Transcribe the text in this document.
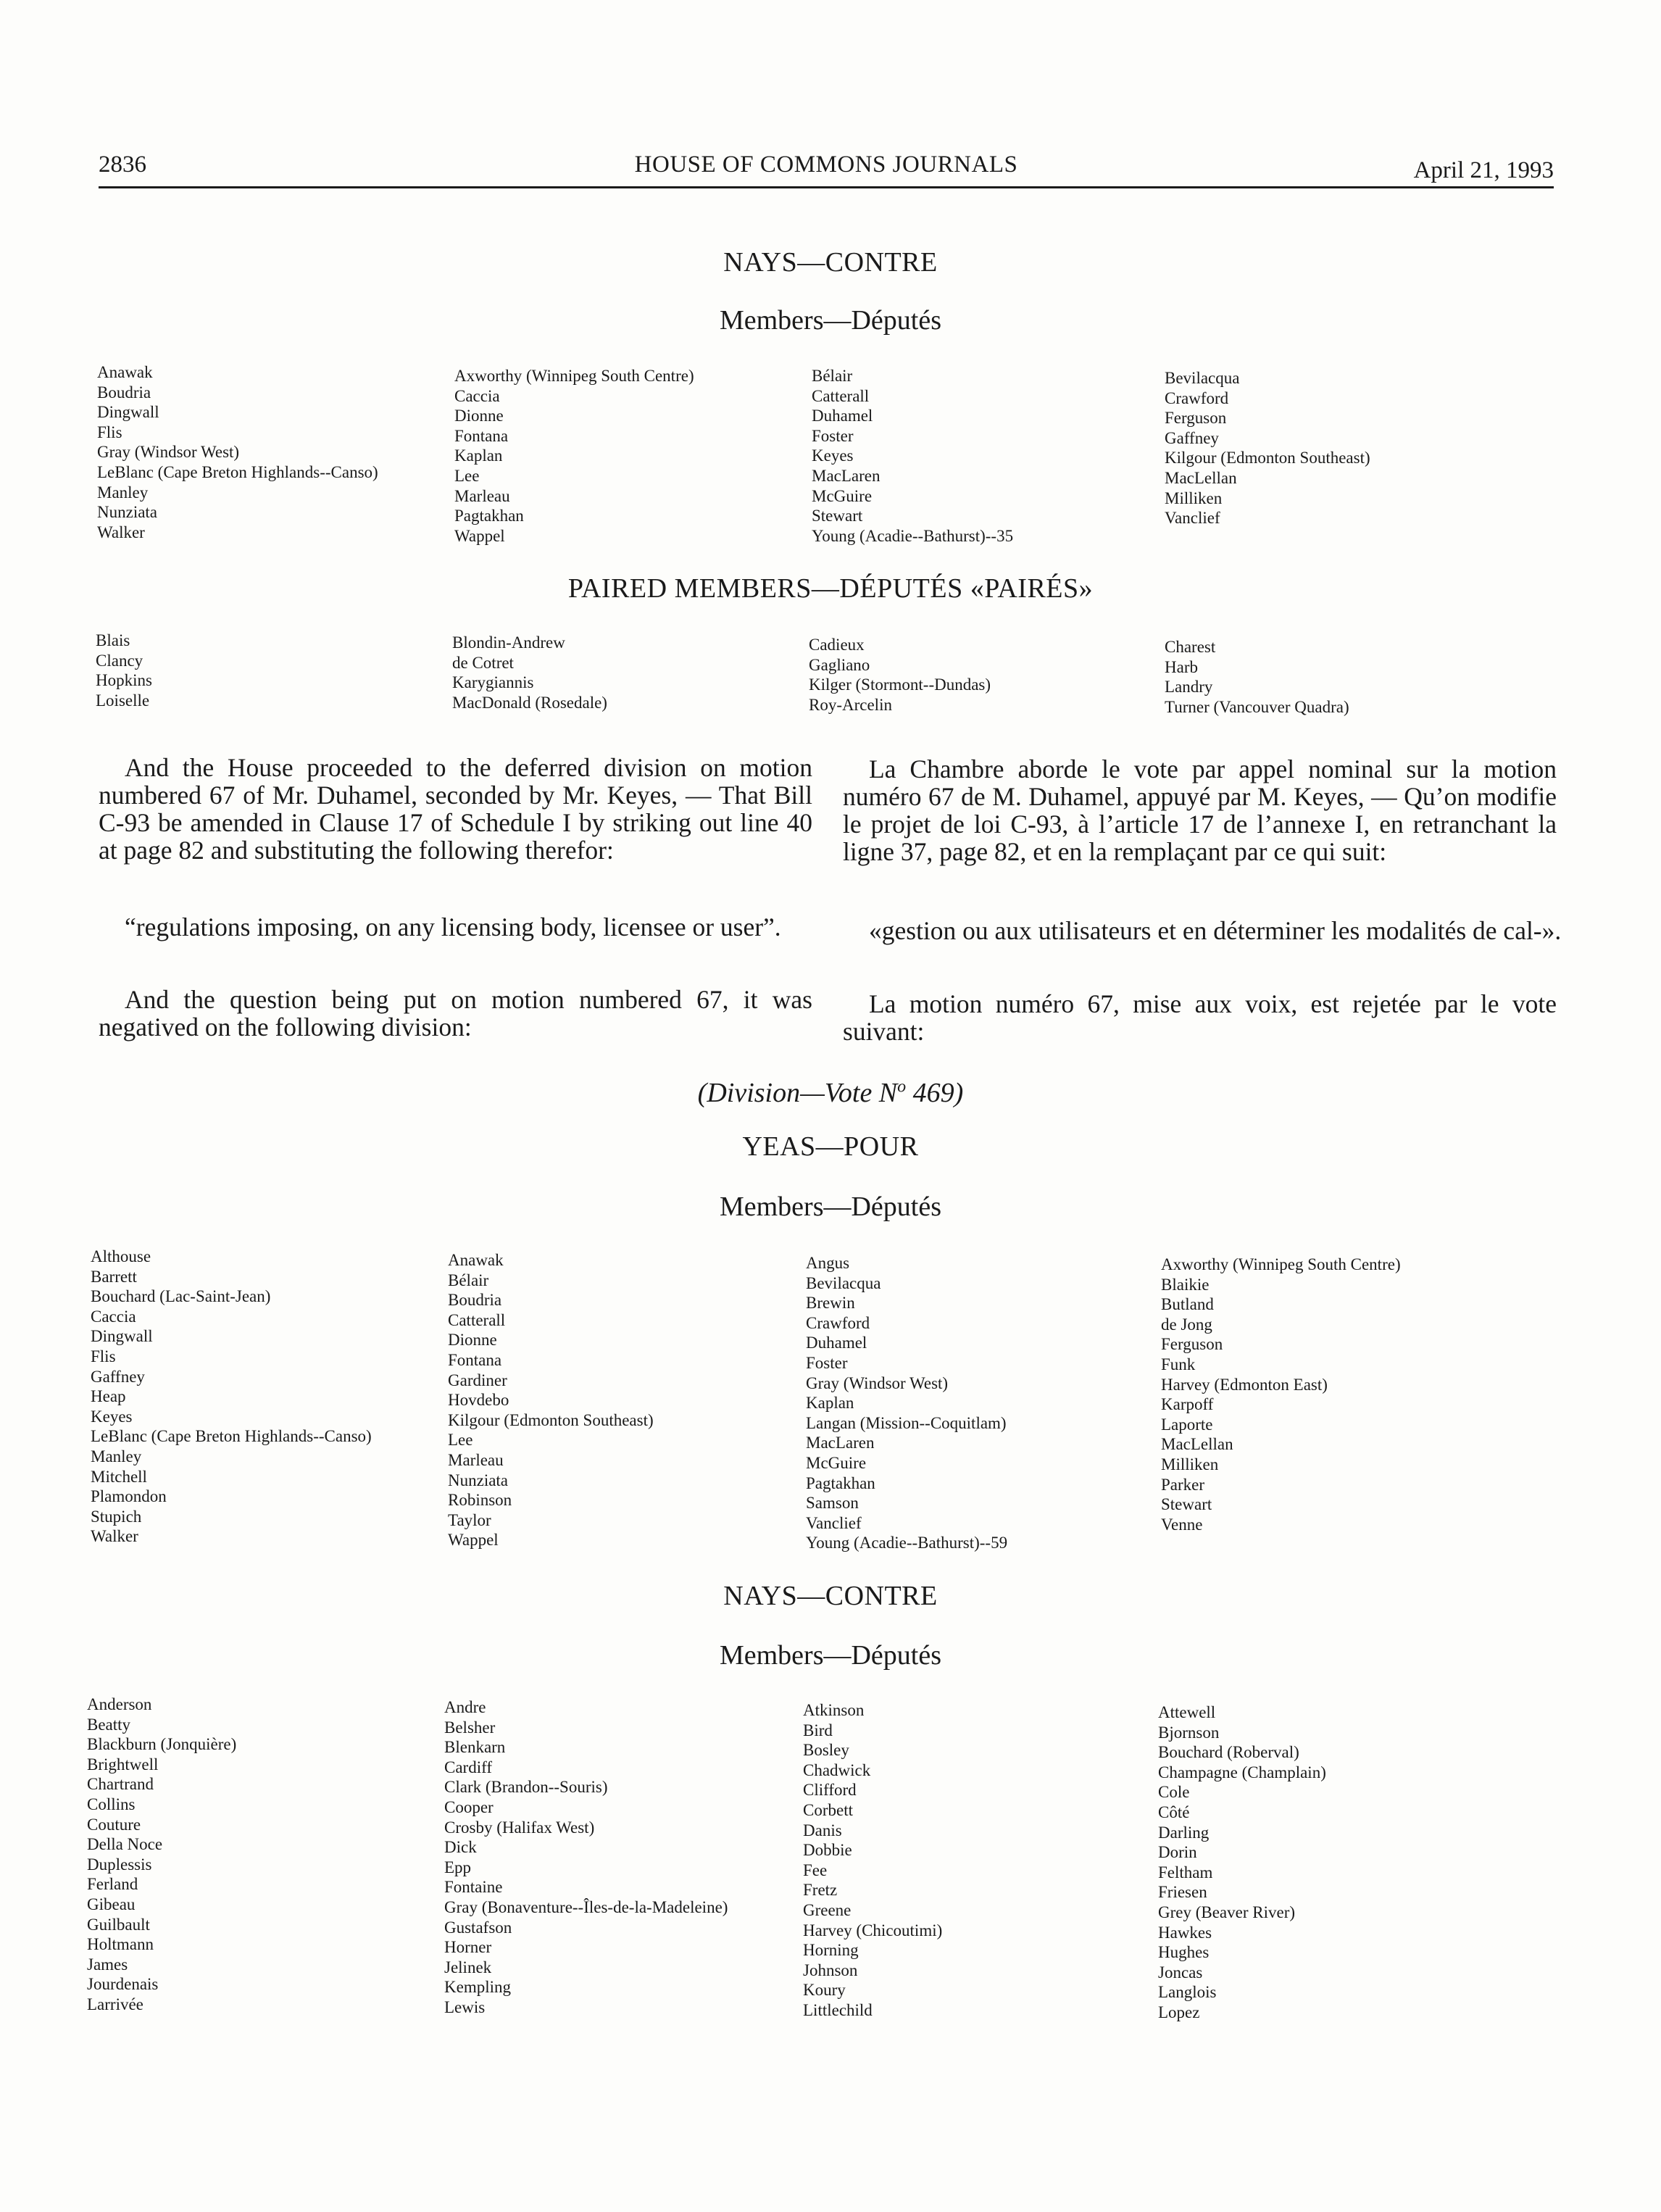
2836	HOUSE OF COMMONS JOURNALS	April 21, 1993
NAYS—CONTRE
Members—Députés
Anawak
Boudria
Dingwall
Flis
Gray (Windsor West)
LeBlanc (Cape Breton Highlands--Canso)
Manley
Nunziata
Walker
Axworthy (Winnipeg South Centre)
Caccia
Dionne
Fontana
Kaplan
Lee
Marleau
Pagtakhan
Wappel
Bélair
Catterall
Duhamel
Foster
Keyes
MacLaren
McGuire
Stewart
Young (Acadie--Bathurst)--35
Bevilacqua
Crawford
Ferguson
Gaffney
Kilgour (Edmonton Southeast)
MacLellan
Milliken
Vanclief
PAIRED MEMBERS—DÉPUTÉS «PAIRÉS»
Blais
Clancy
Hopkins
Loiselle
Blondin-Andrew
de Cotret
Karygiannis
MacDonald (Rosedale)
Cadieux
Gagliano
Kilger (Stormont--Dundas)
Roy-Arcelin
Charest
Harb
Landry
Turner (Vancouver Quadra)

And the House proceeded to the deferred division on motion numbered 67 of Mr. Duhamel, seconded by Mr. Keyes, — That Bill C-93 be amended in Clause 17 of Schedule I by striking out line 40 at page 82 and substituting the following therefor:

“regulations imposing, on any licensing body, licensee or user”.

And the question being put on motion numbered 67, it was negatived on the following division:

La Chambre aborde le vote par appel nominal sur la motion numéro 67 de M. Duhamel, appuyé par M. Keyes, — Qu’on modifie le projet de loi C-93, à l’article 17 de l’annexe I, en retranchant la ligne 37, page 82, et en la remplaçant par ce qui suit:

«gestion ou aux utilisateurs et en déterminer les modalités de cal-».

La motion numéro 67, mise aux voix, est rejetée par le vote suivant:

(Division—Vote $N^o$ 469)
YEAS—POUR
Members—Députés
Althouse
Barrett
Bouchard (Lac-Saint-Jean)
Caccia
Dingwall
Flis
Gaffney
Heap
Keyes
LeBlanc (Cape Breton Highlands--Canso)
Manley
Mitchell
Plamondon
Stupich
Walker
Anawak
Bélair
Boudria
Catterall
Dionne
Fontana
Gardiner
Hovdebo
Kilgour (Edmonton Southeast)
Lee
Marleau
Nunziata
Robinson
Taylor
Wappel
Angus
Bevilacqua
Brewin
Crawford
Duhamel
Foster
Gray (Windsor West)
Kaplan
Langan (Mission--Coquitlam)
MacLaren
McGuire
Pagtakhan
Samson
Vanclief
Young (Acadie--Bathurst)--59
Axworthy (Winnipeg South Centre)
Blaikie
Butland
de Jong
Ferguson
Funk
Harvey (Edmonton East)
Karpoff
Laporte
MacLellan
Milliken
Parker
Stewart
Venne
NAYS—CONTRE
Members—Députés
Anderson
Beatty
Blackburn (Jonquière)
Brightwell
Chartrand
Collins
Couture
Della Noce
Duplessis
Ferland
Gibeau
Guilbault
Holtmann
James
Jourdenais
Larrivée
Andre
Belsher
Blenkarn
Cardiff
Clark (Brandon--Souris)
Cooper
Crosby (Halifax West)
Dick
Epp
Fontaine
Gray (Bonaventure--Îles-de-la-Madeleine)
Gustafson
Horner
Jelinek
Kempling
Lewis
Atkinson
Bird
Bosley
Chadwick
Clifford
Corbett
Danis
Dobbie
Fee
Fretz
Greene
Harvey (Chicoutimi)
Horning
Johnson
Koury
Littlechild
Attewell
Bjornson
Bouchard (Roberval)
Champagne (Champlain)
Cole
Côté
Darling
Dorin
Feltham
Friesen
Grey (Beaver River)
Hawkes
Hughes
Joncas
Langlois
Lopez
